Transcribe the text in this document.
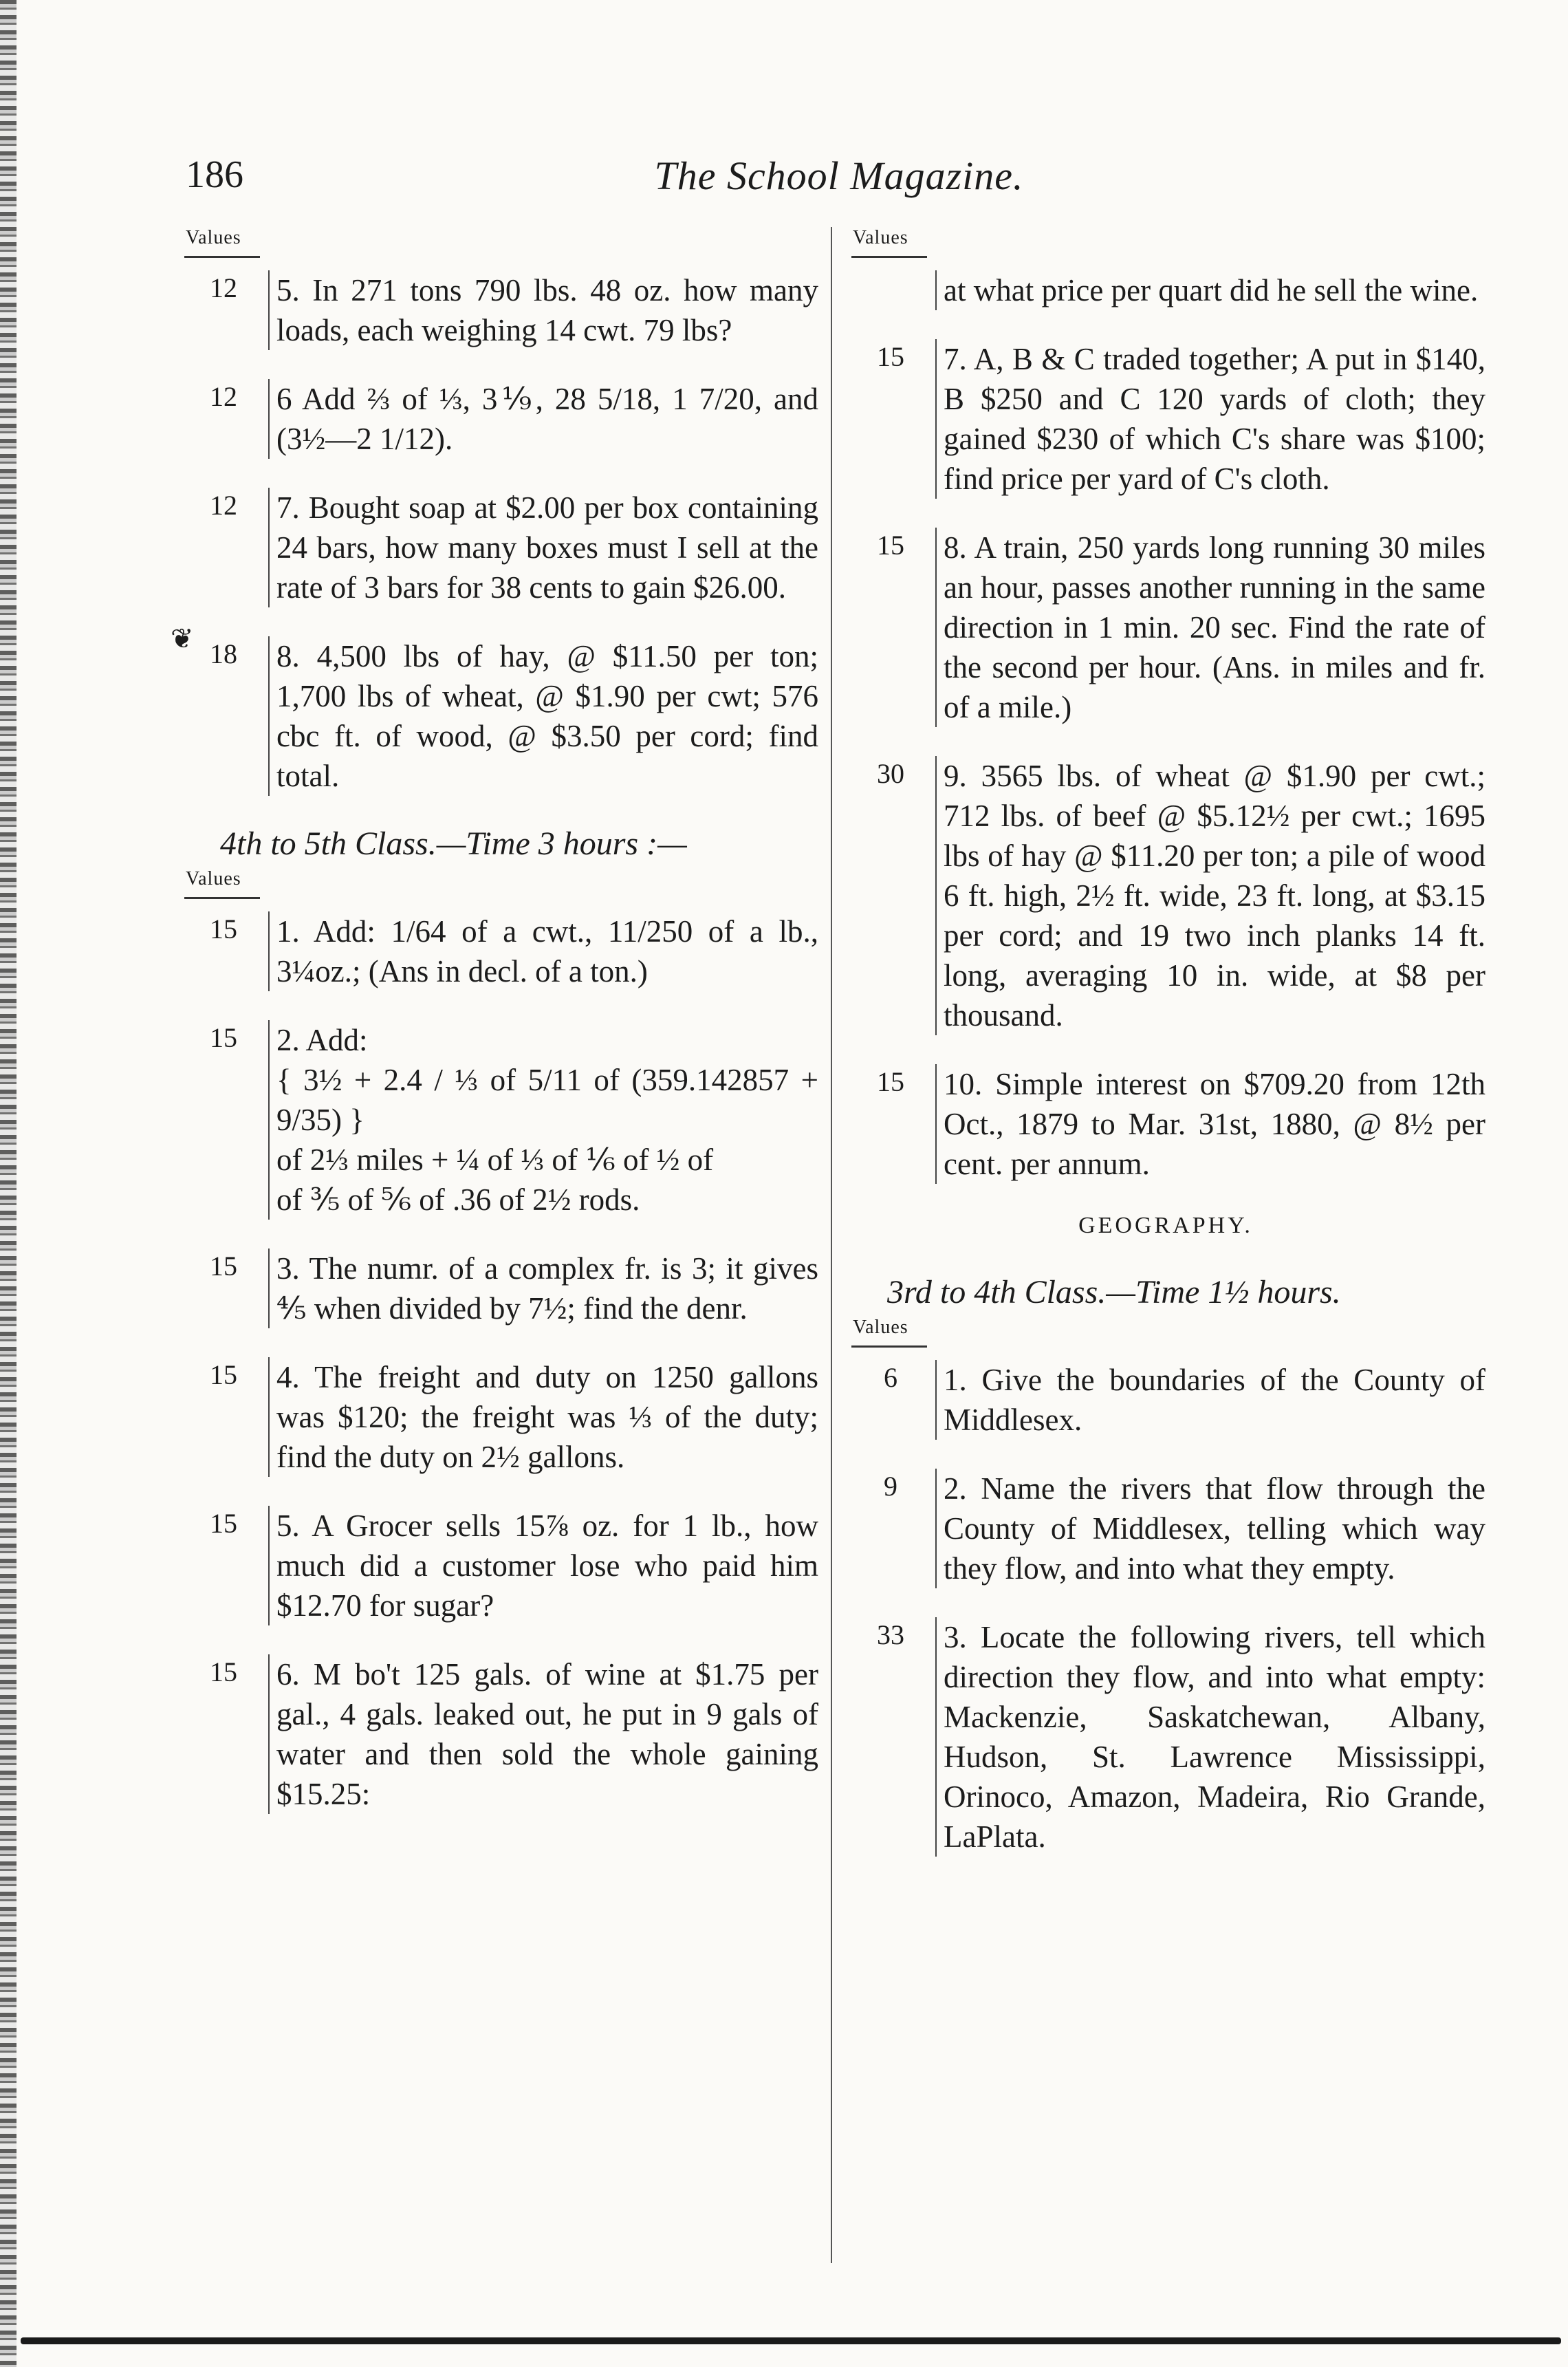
186	The School Magazine.
❦
Values
12	5. In 271 tons 790 lbs. 48 oz. how many loads, each weighing 14 cwt. 79 lbs?
12	6 Add ⅔ of ⅓, 3⅑, 28 5/18, 1 7/20, and (3½—2 1/12).
12	7. Bought soap at $2.00 per box containing 24 bars, how many boxes must I sell at the rate of 3 bars for 38 cents to gain $26.00.
18	8. 4,500 lbs of hay, @ $11.50 per ton; 1,700 lbs of wheat, @ $1.90 per cwt; 576 cbc ft. of wood, @ $3.50 per cord; find total.
4th to 5th Class.—Time 3 hours :—
Values
15	1. Add: 1/64 of a cwt., 11/250 of a lb., 3¼oz.; (Ans in decl. of a ton.)
15	2. Add:
{ 3½ + 2.4 / ⅓ of 5/11 of (359.142857 + 9/35) }
of 2⅓ miles + ¼ of ⅓ of ⅙ of ½ of
of ⅗ of ⅚ of .36 of 2½ rods.
15	3. The numr. of a complex fr. is 3; it gives ⅘ when divided by 7½; find the denr.
15	4. The freight and duty on 1250 gallons was $120; the freight was ⅓ of the duty; find the duty on 2½ gallons.
15	5. A Grocer sells 15⅞ oz. for 1 lb., how much did a customer lose who paid him $12.70 for sugar?
15	6. M bo't 125 gals. of wine at $1.75 per gal., 4 gals. leaked out, he put in 9 gals of water and then sold the whole gaining $15.25:
Values
at what price per quart did he sell the wine.
15	7. A, B & C traded together; A put in $140, B $250 and C 120 yards of cloth; they gained $230 of which C's share was $100; find price per yard of C's cloth.
15	8. A train, 250 yards long running 30 miles an hour, passes another running in the same direction in 1 min. 20 sec. Find the rate of the second per hour. (Ans. in miles and fr. of a mile.)
30	9. 3565 lbs. of wheat @ $1.90 per cwt.; 712 lbs. of beef @ $5.12½ per cwt.; 1695 lbs of hay @ $11.20 per ton; a pile of wood 6 ft. high, 2½ ft. wide, 23 ft. long, at $3.15 per cord; and 19 two inch planks 14 ft. long, averaging 10 in. wide, at $8 per thousand.
15	10. Simple interest on $709.20 from 12th Oct., 1879 to Mar. 31st, 1880, @ 8½ per cent. per annum.
GEOGRAPHY.
3rd to 4th Class.—Time 1½ hours.
Values
6	1. Give the boundaries of the County of Middlesex.
9	2. Name the rivers that flow through the County of Middlesex, telling which way they flow, and into what they empty.
33	3. Locate the following rivers, tell which direction they flow, and into what empty: Mackenzie, Saskatchewan, Albany, Hudson, St. Lawrence Mississippi, Orinoco, Amazon, Madeira, Rio Grande, LaPlata.
